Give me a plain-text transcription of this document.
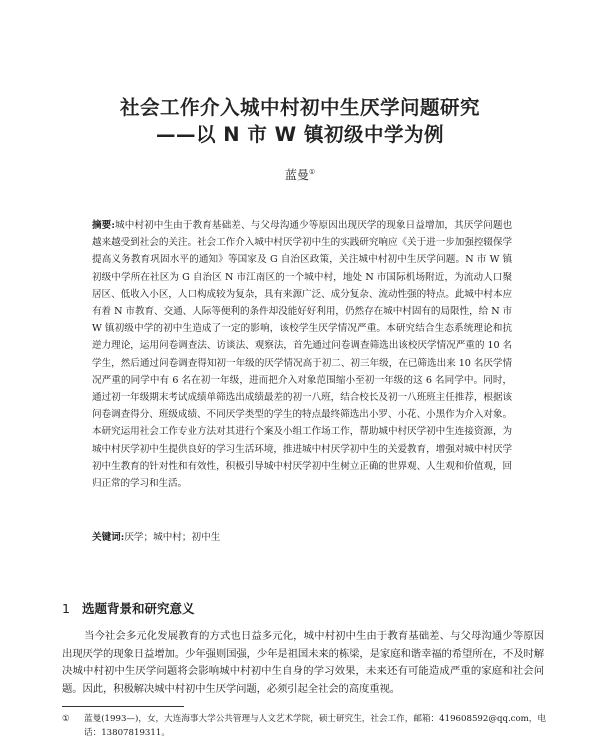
社会工作介入城中村初中生厌学问题研究
——以 N 市 W 镇初级中学为例
蓝曼①
摘要:城中村初中生由于教育基础差、与父母沟通少等原因出现厌学的现象日益增加，其厌学问题也越来越受到社会的关注。社会工作介入城中村厌学初中生的实践研究响应《关于进一步加强控辍保学提高义务教育巩固水平的通知》等国家及 G 自治区政策，关注城中村初中生厌学问题。N 市 W 镇初级中学所在社区为 G 自治区 N 市江南区的一个城中村，地处 N 市国际机场附近，为流动人口聚居区、低收入小区，人口构成较为复杂，具有来源广泛、成分复杂、流动性强的特点。此城中村本应有着 N 市教育、交通、人际等便利的条件却没能好好利用，仍然存在城中村固有的局限性，给 N 市 W 镇初级中学的初中生造成了一定的影响，该校学生厌学情况严重。本研究结合生态系统理论和抗逆力理论，运用问卷调查法、访谈法、观察法，首先通过问卷调查筛选出该校厌学情况严重的 10 名学生，然后通过问卷调查得知初一年级的厌学情况高于初二、初三年级，在已筛选出来 10 名厌学情况严重的同学中有 6 名在初一年级，进而把介入对象范围缩小至初一年级的这 6 名同学中。同时，通过初一年级期末考试成绩单筛选出成绩最差的初一八班，结合校长及初一八班班主任推荐，根据该问卷调查得分、班级成绩、不同厌学类型的学生的特点最终筛选出小罗、小花、小黑作为介入对象。本研究运用社会工作专业方法对其进行个案及小组工作场工作，帮助城中村厌学初中生连接资源，为城中村厌学初中生提供良好的学习生活环境，推进城中村厌学初中生的关爱教育，增强对城中村厌学初中生教育的针对性和有效性，积极引导城中村厌学初中生树立正确的世界观、人生观和价值观，回归正常的学习和生活。
关键词:厌学；城中村；初中生
1 选题背景和研究意义
当今社会多元化发展教育的方式也日益多元化，城中村初中生由于教育基础差、与父母沟通少等原因出现厌学的现象日益增加。少年强则国强，少年是祖国未来的栋梁，是家庭和谐幸福的希望所在，不及时解决城中村初中生厌学问题将会影响城中村初中生自身的学习效果，未来还有可能造成严重的家庭和社会问题。因此，积极解决城中村初中生厌学问题，必须引起全社会的高度重视。
① 蓝曼(1993—)，女，大连海事大学公共管理与人文艺术学院，硕士研究生，社会工作，邮箱：419608592@qq.com，电
话：13807819311。
